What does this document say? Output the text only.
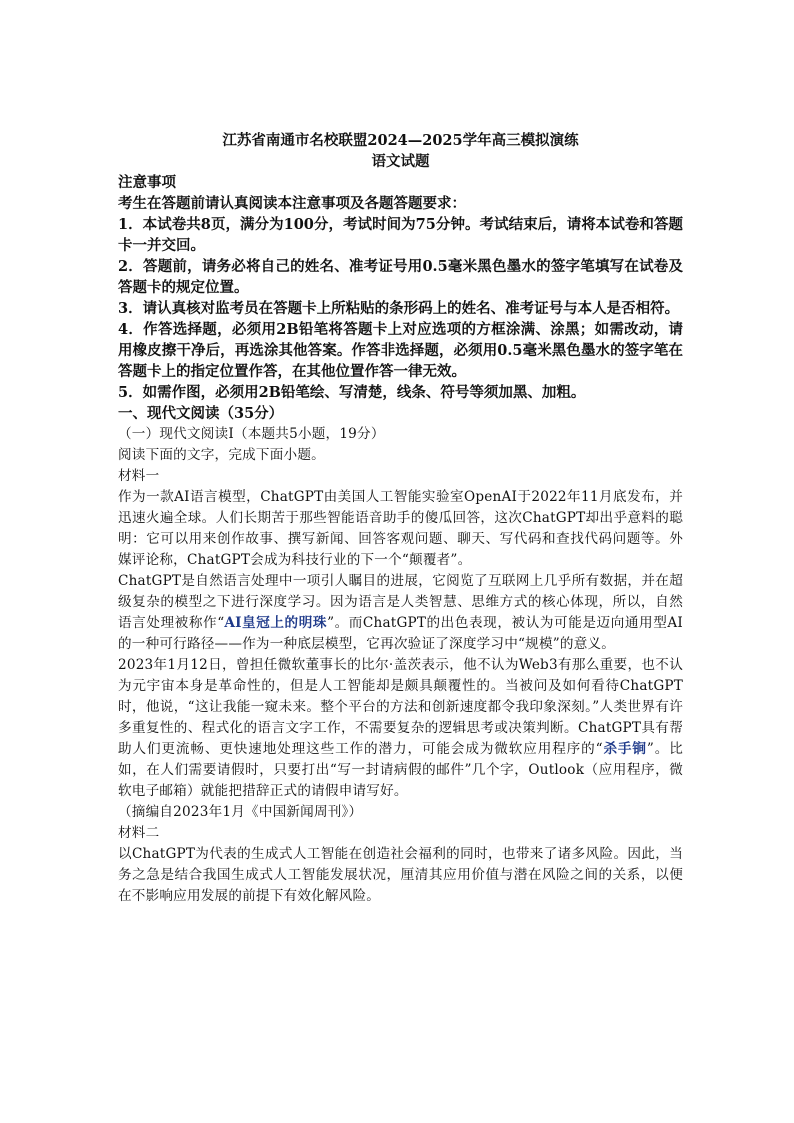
江苏省南通市名校联盟2024—2025学年高三模拟演练

语文试题

注意事项

考生在答题前请认真阅读本注意事项及各题答题要求：

1．本试卷共8页，满分为100分，考试时间为75分钟。考试结束后，请将本试卷和答题卡一并交回。

2．答题前，请务必将自己的姓名、准考证号用0.5毫米黑色墨水的签字笔填写在试卷及答题卡的规定位置。

3．请认真核对监考员在答题卡上所粘贴的条形码上的姓名、准考证号与本人是否相符。

4．作答选择题，必须用2B铅笔将答题卡上对应选项的方框涂满、涂黑；如需改动，请用橡皮擦干净后，再选涂其他答案。作答非选择题，必须用0.5毫米黑色墨水的签字笔在答题卡上的指定位置作答，在其他位置作答一律无效。

5．如需作图，必须用2B铅笔绘、写清楚，线条、符号等须加黑、加粗。

一、现代文阅读（35分）

（一）现代文阅读Ⅰ（本题共5小题，19分）

阅读下面的文字，完成下面小题。

材料一

作为一款AI语言模型，ChatGPT由美国人工智能实验室OpenAI于2022年11月底发布，并迅速火遍全球。人们长期苦于那些智能语音助手的傻瓜回答，这次ChatGPT却出乎意料的聪明：它可以用来创作故事、撰写新闻、回答客观问题、聊天、写代码和查找代码问题等。外媒评论称，ChatGPT会成为科技行业的下一个“颠覆者”。

ChatGPT是自然语言处理中一项引人瞩目的进展，它阅览了互联网上几乎所有数据，并在超级复杂的模型之下进行深度学习。因为语言是人类智慧、思维方式的核心体现，所以，自然语言处理被称作“AI皇冠上的明珠”。而ChatGPT的出色表现，被认为可能是迈向通用型AI的一种可行路径——作为一种底层模型，它再次验证了深度学习中“规模”的意义。

2023年1月12日，曾担任微软董事长的比尔·盖茨表示，他不认为Web3有那么重要，也不认为元宇宙本身是革命性的，但是人工智能却是颇具颠覆性的。当被问及如何看待ChatGPT时，他说，“这让我能一窥未来。整个平台的方法和创新速度都令我印象深刻。”人类世界有许多重复性的、程式化的语言文字工作，不需要复杂的逻辑思考或决策判断。ChatGPT具有帮助人们更流畅、更快速地处理这些工作的潜力，可能会成为微软应用程序的“杀手锏”。比如，在人们需要请假时，只要打出“写一封请病假的邮件”几个字，Outlook（应用程序，微软电子邮箱）就能把措辞正式的请假申请写好。

（摘编自2023年1月《中国新闻周刊》）

材料二

以ChatGPT为代表的生成式人工智能在创造社会福利的同时，也带来了诸多风险。因此，当务之急是结合我国生成式人工智能发展状况，厘清其应用价值与潜在风险之间的关系，以便在不影响应用发展的前提下有效化解风险。
